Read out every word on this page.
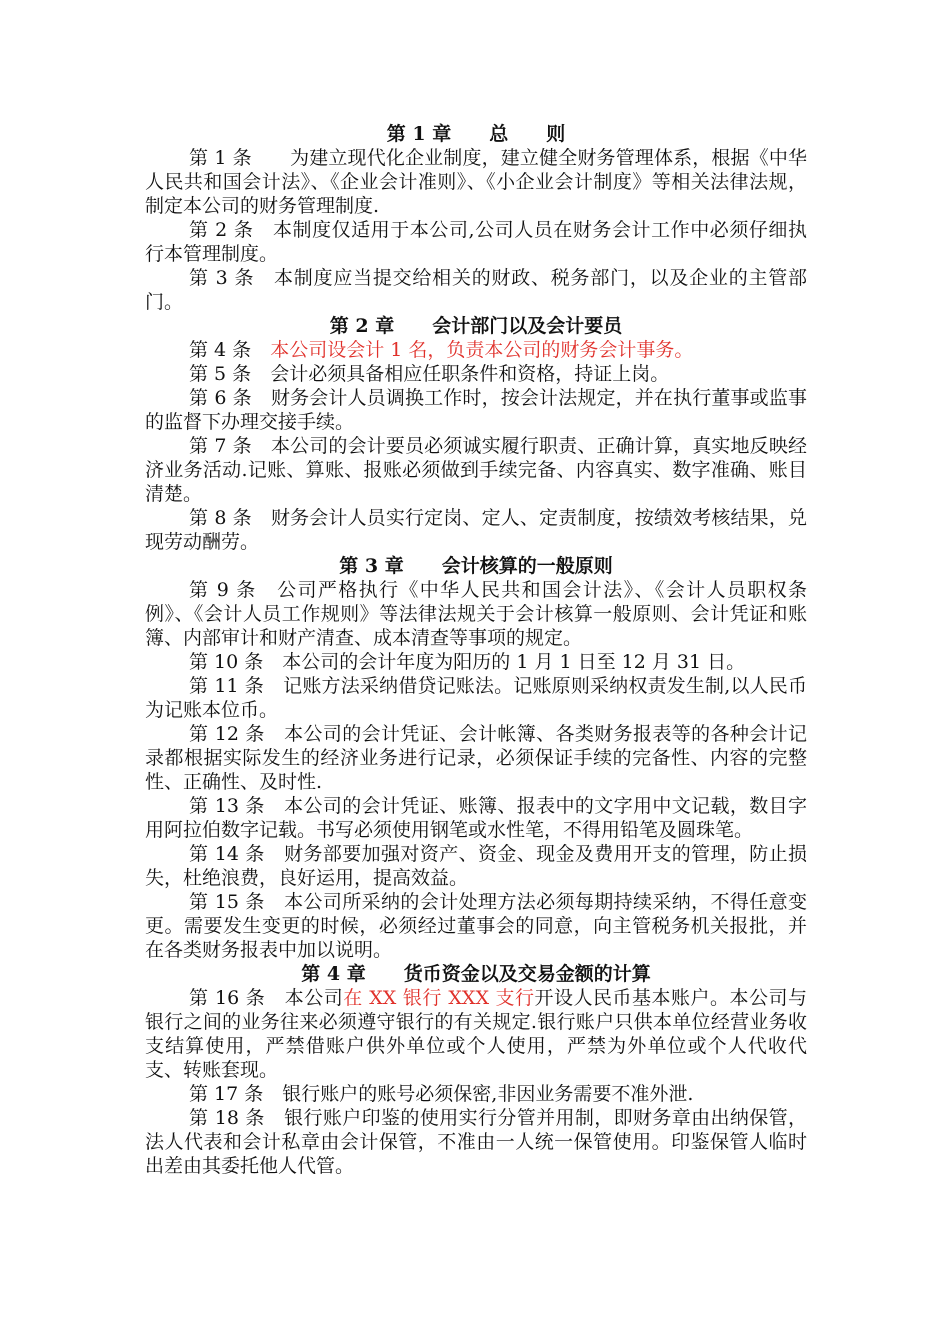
第 1 章　　总　　则

第 1 条　　 为建立现代化企业制度，建立健全财务管理体系，根据《中华人民共和国会计法》、《企业会计准则》、《小企业会计制度》等相关法律法规，制定本公司的财务管理制度.

第 2 条　 本制度仅适用于本公司,公司人员在财务会计工作中必须仔细执行本管理制度。

第 3 条　 本制度应当提交给相关的财政、税务部门，以及企业的主管部门。

第 2 章　　会计部门以及会计要员

第 4 条　 本公司设会计 1 名，负责本公司的财务会计事务。

第 5 条　 会计必须具备相应任职条件和资格，持证上岗。

第 6 条　 财务会计人员调换工作时，按会计法规定，并在执行董事或监事的监督下办理交接手续。

第 7 条　 本公司的会计要员必须诚实履行职责、正确计算，真实地反映经济业务活动.记账、算账、报账必须做到手续完备、内容真实、数字准确、账目清楚。

第 8 条　 财务会计人员实行定岗、定人、定责制度，按绩效考核结果，兑现劳动酬劳。

第 3 章　　会计核算的一般原则

第 9 条　 公司严格执行《中华人民共和国会计法》、《会计人员职权条例》、《会计人员工作规则》等法律法规关于会计核算一般原则、会计凭证和账簿、内部审计和财产清查、成本清查等事项的规定。

第 10 条　 本公司的会计年度为阳历的 1 月 1 日至 12 月 31 日。

第 11 条　 记账方法采纳借贷记账法。记账原则采纳权责发生制,以人民币为记账本位币。

第 12 条　 本公司的会计凭证、会计帐簿、各类财务报表等的各种会计记录都根据实际发生的经济业务进行记录，必须保证手续的完备性、内容的完整性、正确性、及时性.

第 13 条　 本公司的会计凭证、账簿、报表中的文字用中文记载，数目字用阿拉伯数字记载。书写必须使用钢笔或水性笔，不得用铅笔及圆珠笔。

第 14 条　 财务部要加强对资产、资金、现金及费用开支的管理，防止损失，杜绝浪费，良好运用，提高效益。

第 15 条　 本公司所采纳的会计处理方法必须每期持续采纳，不得任意变更。需要发生变更的时候，必须经过董事会的同意，向主管税务机关报批，并在各类财务报表中加以说明。

第 4 章　　货币资金以及交易金额的计算

第 16 条　 本公司在 XX 银行 XXX 支行开设人民币基本账户。本公司与银行之间的业务往来必须遵守银行的有关规定.银行账户只供本单位经营业务收支结算使用，严禁借账户供外单位或个人使用，严禁为外单位或个人代收代支、转账套现。

第 17 条　 银行账户的账号必须保密,非因业务需要不准外泄.

第 18 条　 银行账户印鉴的使用实行分管并用制，即财务章由出纳保管，法人代表和会计私章由会计保管，不准由一人统一保管使用。印鉴保管人临时出差由其委托他人代管。
